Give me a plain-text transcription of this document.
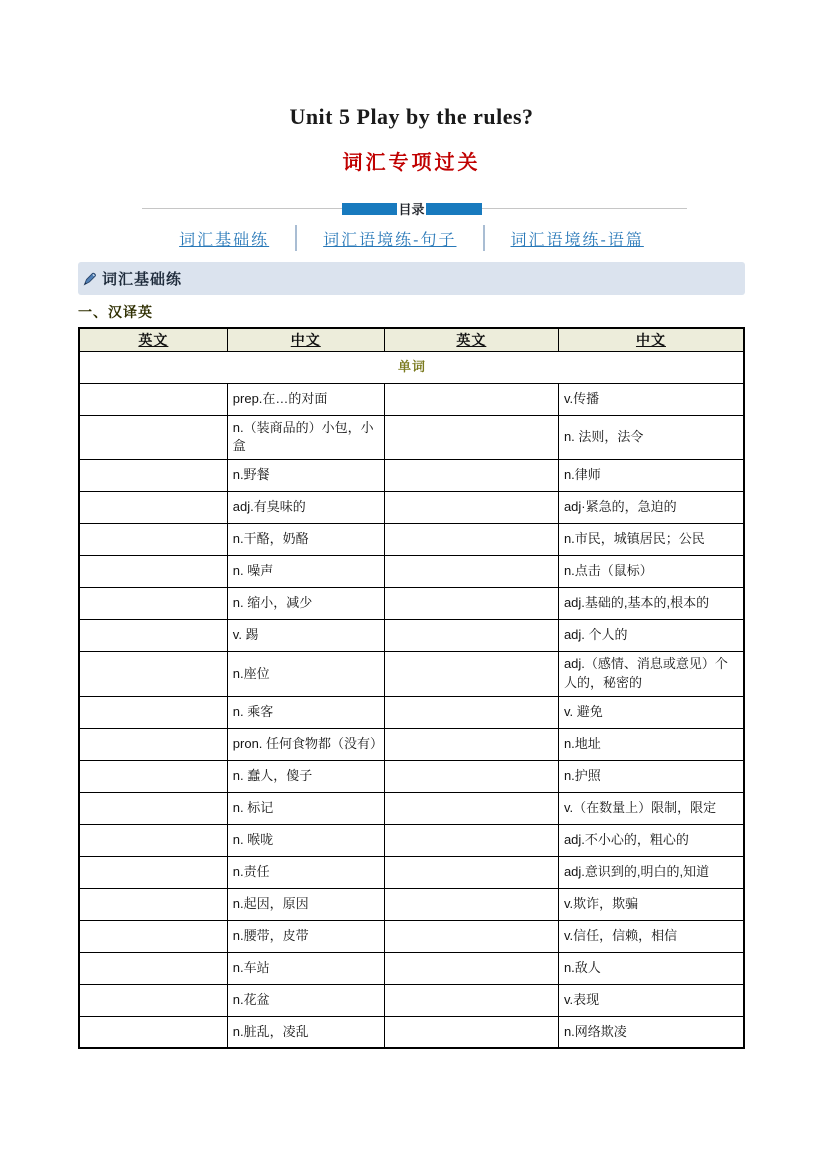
Unit 5 Play by the rules?
词汇专项过关
目录
词汇基础练	词汇语境练-句子	词汇语境练-语篇
词汇基础练
一、汉译英
英文	中文	英文	中文
单词			
	prep.在…的对面		v.传播
	n.（装商品的）小包，小盒		n. 法则，法令
	n.野餐		n.律师
	adj.有臭味的		adj·紧急的，急迫的
	n.干酪，奶酪		n.市民，城镇居民；公民
	n. 噪声		n.点击（鼠标）
	n. 缩小，减少		adj.基础的,基本的,根本的
	v. 踢		adj. 个人的
	n.座位		adj.（感情、消息或意见）个人的，秘密的
	n. 乘客		v. 避免
	pron. 任何食物都（没有）		n.地址
	n. 蠢人，傻子		n.护照
	n. 标记		v.（在数量上）限制，限定
	n. 喉咙		adj.不小心的，粗心的
	n.责任		adj.意识到的,明白的,知道
	n.起因，原因		v.欺诈，欺骗
	n.腰带，皮带		v.信任，信赖，相信
	n.车站		n.敌人
	n.花盆		v.表现
	n.脏乱，凌乱		n.网络欺凌
